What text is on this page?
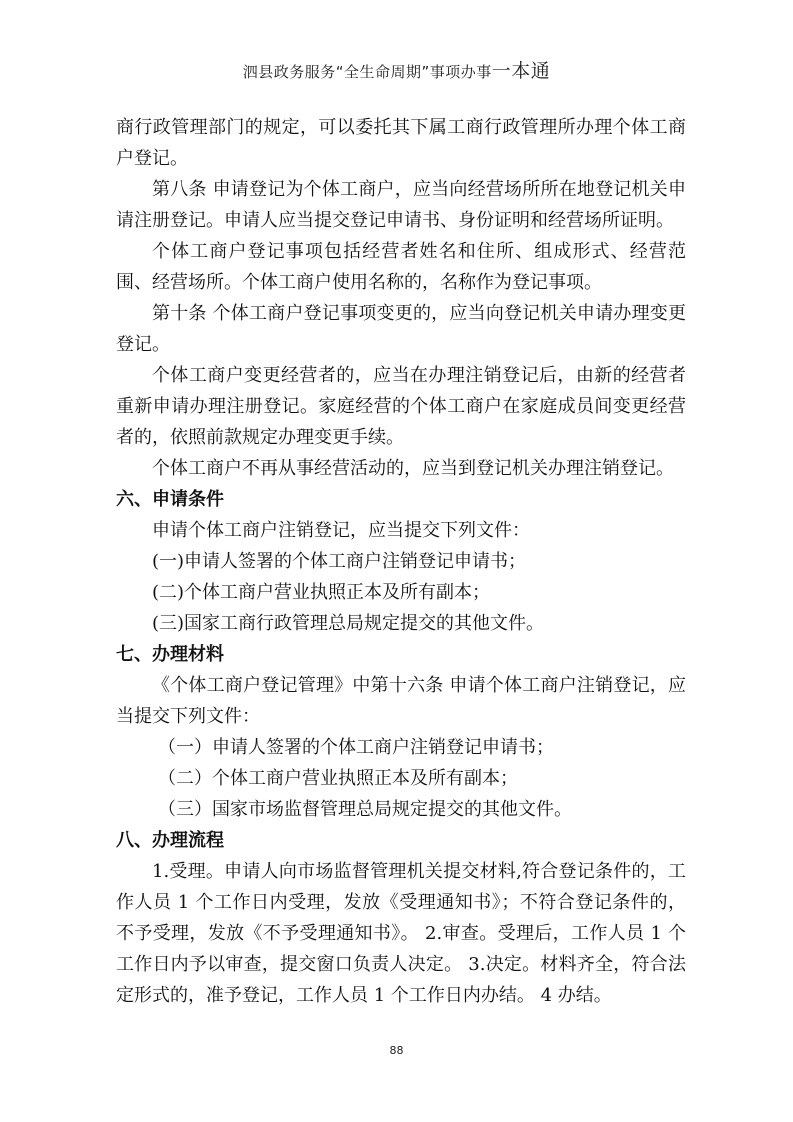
泗县政务服务“全生命周期”事项办事一本通

商行政管理部门的规定，可以委托其下属工商行政管理所办理个体工商户登记。

第八条 申请登记为个体工商户，应当向经营场所所在地登记机关申请注册登记。申请人应当提交登记申请书、身份证明和经营场所证明。

个体工商户登记事项包括经营者姓名和住所、组成形式、经营范围、经营场所。个体工商户使用名称的，名称作为登记事项。

第十条 个体工商户登记事项变更的，应当向登记机关申请办理变更登记。

个体工商户变更经营者的，应当在办理注销登记后，由新的经营者重新申请办理注册登记。家庭经营的个体工商户在家庭成员间变更经营者的，依照前款规定办理变更手续。

个体工商户不再从事经营活动的，应当到登记机关办理注销登记。

六、申请条件

申请个体工商户注销登记，应当提交下列文件：

(一)申请人签署的个体工商户注销登记申请书；

(二)个体工商户营业执照正本及所有副本；

(三)国家工商行政管理总局规定提交的其他文件。

七、办理材料

《个体工商户登记管理》中第十六条 申请个体工商户注销登记，应当提交下列文件：

（一）申请人签署的个体工商户注销登记申请书；

（二）个体工商户营业执照正本及所有副本；

（三）国家市场监督管理总局规定提交的其他文件。

八、办理流程

1.受理。申请人向市场监督管理机关提交材料,符合登记条件的，工作人员 1 个工作日内受理，发放《受理通知书》；不符合登记条件的，不予受理，发放《不予受理通知书》。 2.审查。受理后，工作人员 1 个工作日内予以审查，提交窗口负责人决定。 3.决定。材料齐全，符合法定形式的，准予登记，工作人员 1 个工作日内办结。 4 办结。

88
